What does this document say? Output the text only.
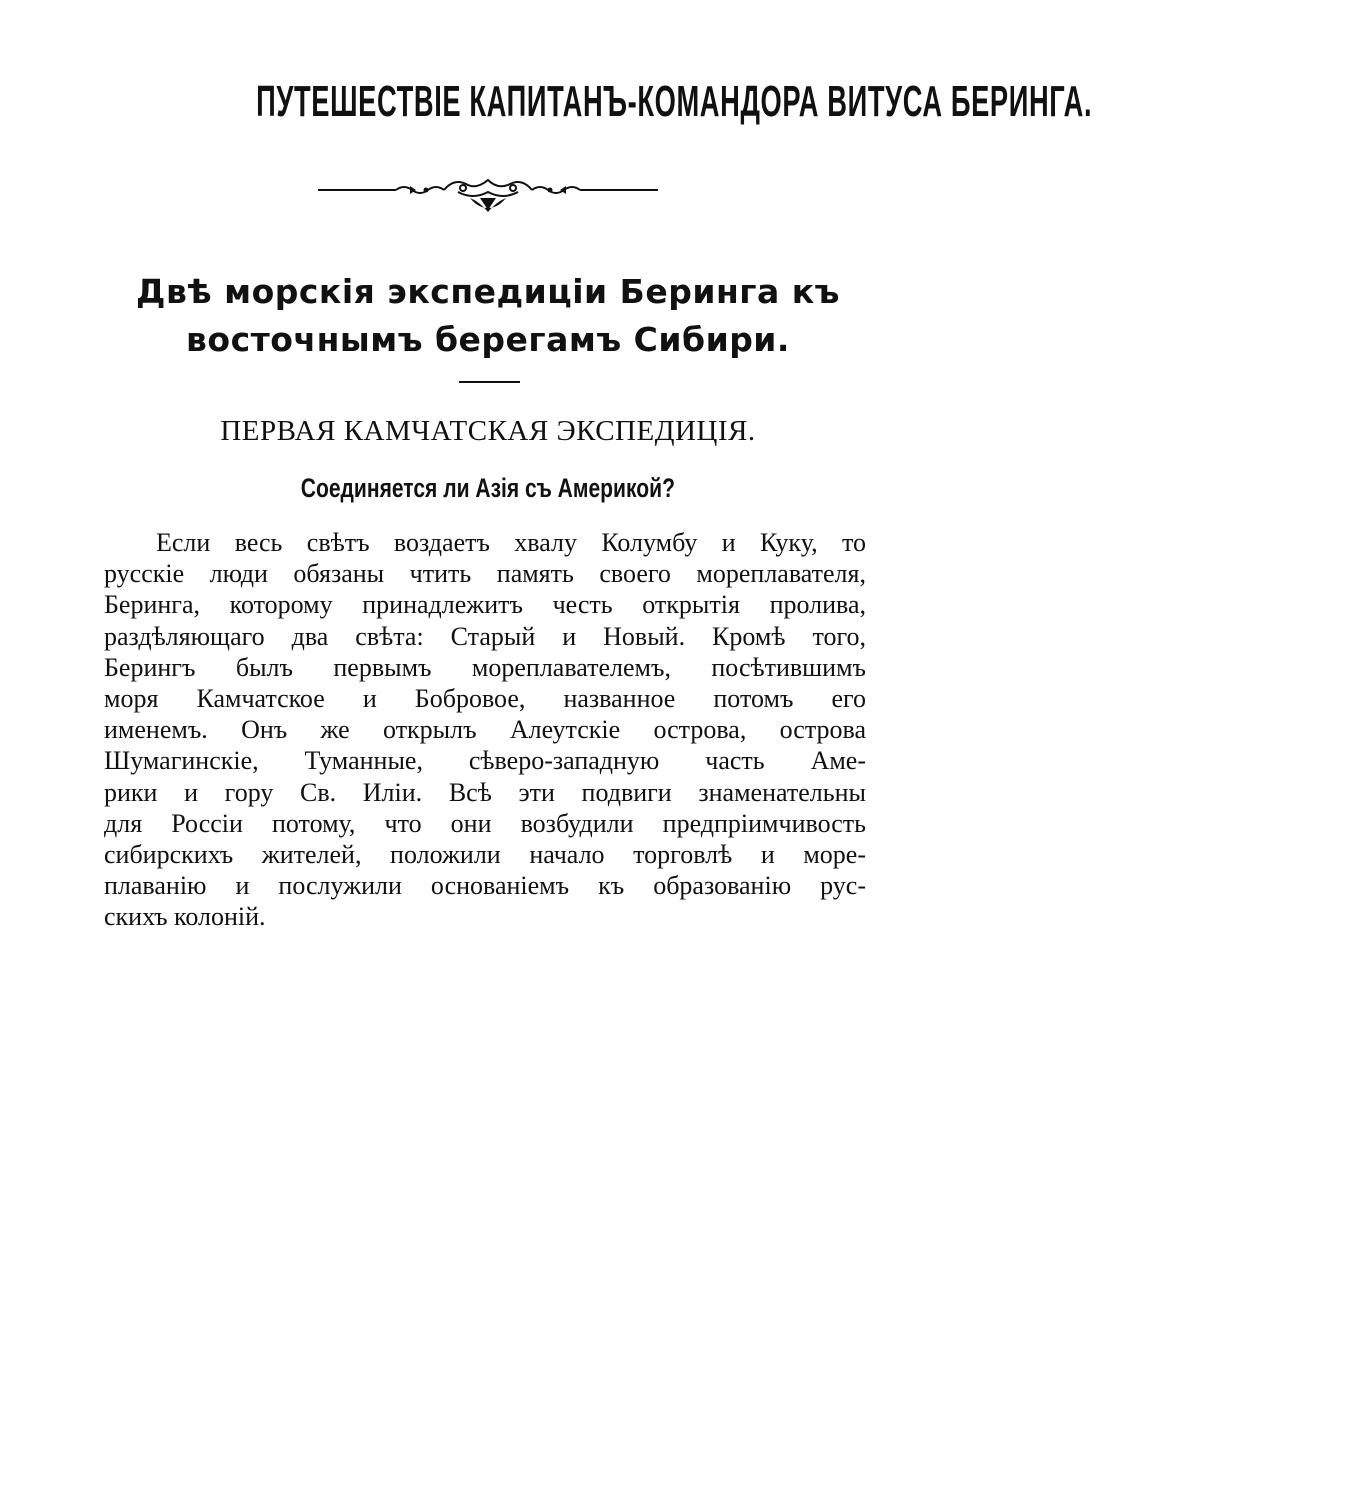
ПУТЕШЕСТВІЕ КАПИТАНЪ-КОМАНДОРА ВИТУСА БЕРИНГА.
Двѣ морскія экспедиціи Беринга къ
восточнымъ берегамъ Сибири.
ПЕРВАЯ КАМЧАТСКАЯ ЭКСПЕДИЦІЯ.
Соединяется ли Азія съ Америкой?
Если весь свѣтъ воздаетъ хвалу Колумбу и Куку, то
русскіе люди обязаны чтить память своего мореплавателя,
Беринга, которому принадлежитъ честь открытія пролива,
раздѣляющаго два свѣта: Старый и Новый. Кромѣ того,
Берингъ былъ первымъ мореплавателемъ, посѣтившимъ
моря Камчатское и Бобровое, названное потомъ его
именемъ. Онъ же открылъ Алеутскіе острова, острова
Шумагинскіе, Туманные, сѣверо-западную часть Аме-
рики и гору Св. Иліи. Всѣ эти подвиги знаменательны
для Россіи потому, что они возбудили предпріимчивость
сибирскихъ жителей, положили начало торговлѣ и море-
плаванію и послужили основаніемъ къ образованію рус-
скихъ колоній.
